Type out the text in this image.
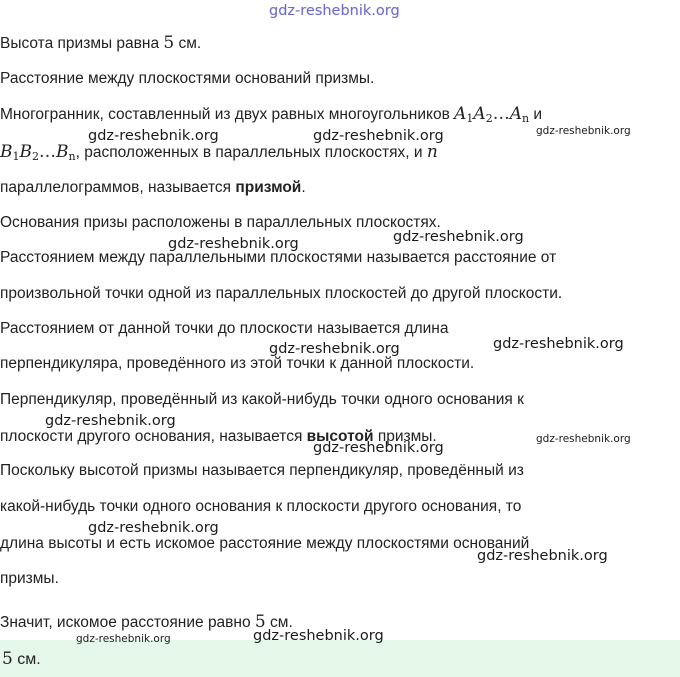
gdz-reshebnik.org
Высота призмы равна 5 см.
Расстояние между плоскостями оснований призмы.
Многогранник, составленный из двух равных многоугольников $A_1A_2\dots A_n$ и
$B_1B_2\dots B_n$, расположенных в параллельных плоскостях, и n
параллелограммов, называется призмой.
Основания призы расположены в параллельных плоскостях.
Расстоянием между параллельными плоскостями называется расстояние от
произвольной точки одной из параллельных плоскостей до другой плоскости.
Расстоянием от данной точки до плоскости называется длина
перпендикуляра, проведённого из этой точки к данной плоскости.
Перпендикуляр, проведённый из какой-нибудь точки одного основания к
плоскости другого основания, называется высотой призмы.
Поскольку высотой призмы называется перпендикуляр, проведённый из
какой-нибудь точки одного основания к плоскости другого основания, то
длина высоты и есть искомое расстояние между плоскостями оснований
призмы.
Значит, искомое расстояние равно 5 см.
5 см.
gdz-reshebnik.org	gdz-reshebnik.org	gdz-reshebnik.org
gdz-reshebnik.org
gdz-reshebnik.org
gdz-reshebnik.org
gdz-reshebnik.org
gdz-reshebnik.org
gdz-reshebnik.org
gdz-reshebnik.org
gdz-reshebnik.org
gdz-reshebnik.org
gdz-reshebnik.org
gdz-reshebnik.org
